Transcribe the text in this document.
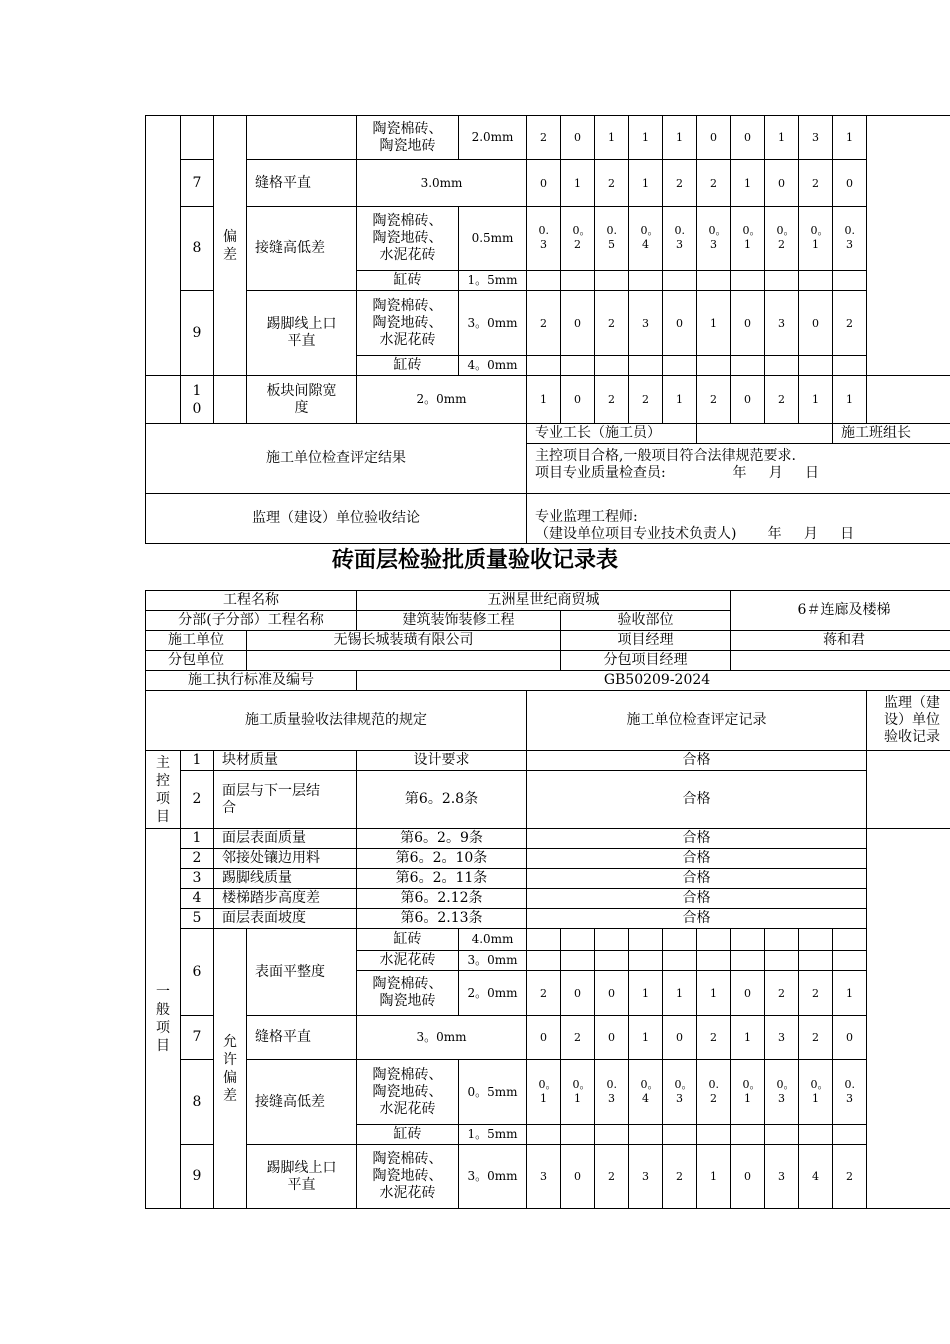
		偏差		陶瓷棉砖、
陶瓷地砖	2.0mm	2	0	1	1	1	0	0	1	3	1	
	7		缝格平直	3.0mm		0	1	2	1	2	2	1	0	2	0	
	8		接缝高低差	陶瓷棉砖、
陶瓷地砖、
水泥花砖	0.5mm	0.3	0。2	0.5	0。4	0.3	0。3	0。1	0。2	0。1	0.3	
				缸砖	1。5mm											
	9		踢脚线上口
平直	陶瓷棉砖、
陶瓷地砖、
水泥花砖	3。0mm	2	0	2	3	0	1	0	3	0	2	
				缸砖	4。0mm											
	10		板块间隙宽
度	2。0mm		1	0	2	2	1	2	0	2	1	1	
施工单位检查评定结果						专业工长（施工员）									施工班组长	

						主控项目合格,一般项目符合法律规范要求.
项目专业质量检查员:               年     月     日										

监理（建设）单位验收结论						专业监理工程师:
（建设单位项目专业技术负责人)       年     月     日										
砖面层检验批质量验收记录表
工程名称				五洲星世纪商贸城								6＃连廊及楼梯				
分部(子分部）工程名称				建筑装饰装修工程			验收部位									
施工单位			无锡长城装璜有限公司				项目经理					蒋和君				
分包单位							分包项目经理									
施工执行标准及编号				GB50209-2024												
施工质量验收法律规范的规定						施工单位检查评定记录										监理（建
设）单位
验收记录

主控项目	1	块材质量		设计要求		合格										
	2	面层与下一层结
合		第6。2.8条		合格										
一般项目	1	面层表面质量		第6。2。9条		合格										
	2	邻接处镶边用料		第6。2。10条		合格										
	3	踢脚线质量		第6。2。11条		合格										
	4	楼梯踏步高度差		第6。2.12条		合格										
	5	面层表面坡度		第6。2.13条		合格										
	6	允许偏差	表面平整度	缸砖	4.0mm											
				水泥花砖	3。0mm											

				陶瓷棉砖、
陶瓷地砖	2。0mm	2	0	0	1	1	1	0	2	2	1	
	7		缝格平直	3。0mm		0	2	0	1	0	2	1	3	2	0	
	8		接缝高低差	陶瓷棉砖、
陶瓷地砖、
水泥花砖	0。5mm	0。1	0。1	0.3	0。4	0。3	0.2	0。1	0。3	0。1	0.3	
				缸砖	1。5mm											
	9		踢脚线上口
平直	陶瓷棉砖、
陶瓷地砖、
水泥花砖	3。0mm	3	0	2	3	2	1	0	3	4	2	
